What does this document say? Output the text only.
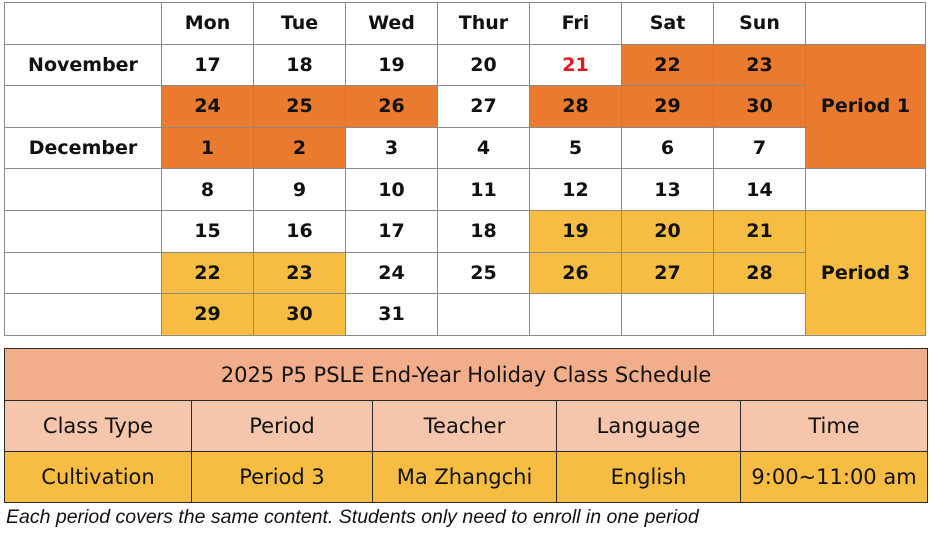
	Mon	Tue	Wed	Thur	Fri	Sat	Sun	
November	17	18	19	20	21	22	23	Period 1
	24	25	26	27	28	29	30	
December	1	2	3	4	5	6	7	
	8	9	10	11	12	13	14	
	15	16	17	18	19	20	21	Period 3
	22	23	24	25	26	27	28	
	29	30	31					
2025 P5 PSLE End-Year Holiday Class Schedule				
Class Type	Period	Teacher	Language	Time
Cultivation	Period 3	Ma Zhangchi	English	9:00~11:00 am
Each period covers the same content. Students only need to enroll in one period
